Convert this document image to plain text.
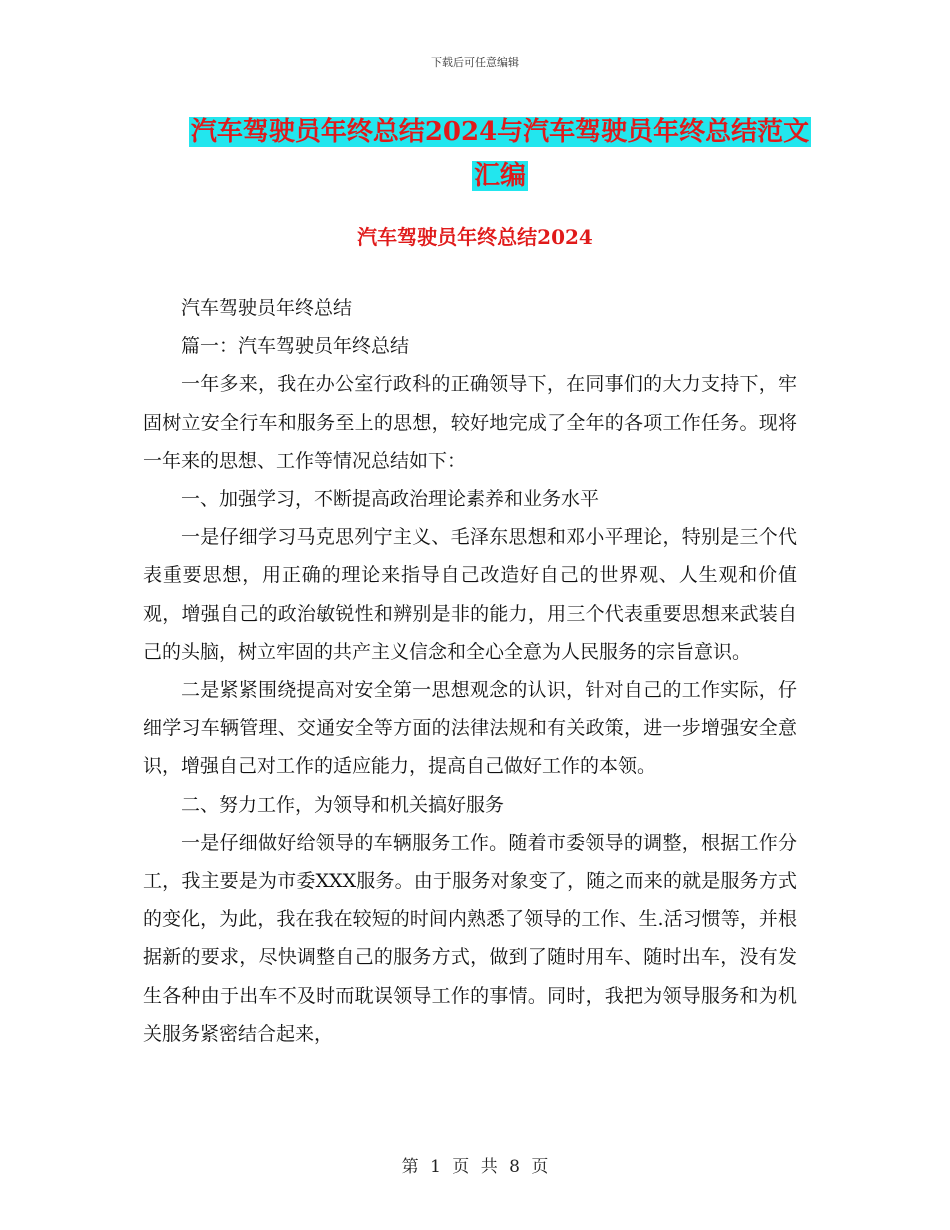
下载后可任意编辑
汽车驾驶员年终总结2024与汽车驾驶员年终总结范文
汇编
汽车驾驶员年终总结2024

汽车驾驶员年终总结

篇一：汽车驾驶员年终总结

一年多来，我在办公室行政科的正确领导下，在同事们的大力支持下，牢固树立安全行车和服务至上的思想，较好地完成了全年的各项工作任务。现将一年来的思想、工作等情况总结如下：

一、加强学习，不断提高政治理论素养和业务水平

一是仔细学习马克思列宁主义、毛泽东思想和邓小平理论，特别是三个代表重要思想，用正确的理论来指导自己改造好自己的世界观、人生观和价值观，增强自己的政治敏锐性和辨别是非的能力，用三个代表重要思想来武装自己的头脑，树立牢固的共产主义信念和全心全意为人民服务的宗旨意识。

二是紧紧围绕提高对安全第一思想观念的认识，针对自己的工作实际，仔细学习车辆管理、交通安全等方面的法律法规和有关政策，进一步增强安全意识，增强自己对工作的适应能力，提高自己做好工作的本领。

二、努力工作，为领导和机关搞好服务

一是仔细做好给领导的车辆服务工作。随着市委领导的调整，根据工作分工，我主要是为市委XXX服务。由于服务对象变了，随之而来的就是服务方式的变化，为此，我在我在较短的时间内熟悉了领导的工作、生.活习惯等，并根据新的要求，尽快调整自己的服务方式，做到了随时用车、随时出车，没有发生各种由于出车不及时而耽误领导工作的事情。同时，我把为领导服务和为机关服务紧密结合起来，

第 1 页 共 8 页
